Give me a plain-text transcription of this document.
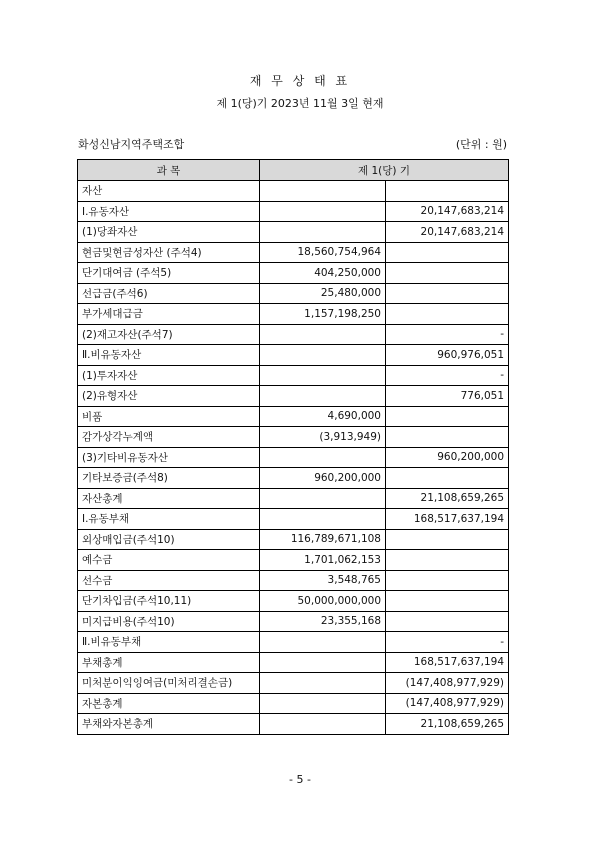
재 무 상 태 표
제 1(당)기 2023년 11월 3일 현재
화성신남지역주택조합	(단위 : 원)
과 목	제 1(당) 기	
자산		
Ⅰ.유동자산		20,147,683,214
(1)당좌자산		20,147,683,214
현금및현금성자산 (주석4)	18,560,754,964	
단기대여금 (주석5)	404,250,000	
선급금(주석6)	25,480,000	
부가세대급금	1,157,198,250	
(2)재고자산(주석7)		-
Ⅱ.비유동자산		960,976,051
(1)투자자산		-
(2)유형자산		776,051
비품	4,690,000	
감가상각누계액	(3,913,949)	
(3)기타비유동자산		960,200,000
기타보증금(주석8)	960,200,000	
자산총계		21,108,659,265
Ⅰ.유동부채		168,517,637,194
외상매입금(주석10)	116,789,671,108	
예수금	1,701,062,153	
선수금	3,548,765	
단기차입금(주석10,11)	50,000,000,000	
미지급비용(주석10)	23,355,168	
Ⅱ.비유동부채		-
부채총계		168,517,637,194
미처분이익잉여금(미처리결손금)		(147,408,977,929)
자본총계		(147,408,977,929)
부채와자본총계		21,108,659,265
- 5 -
